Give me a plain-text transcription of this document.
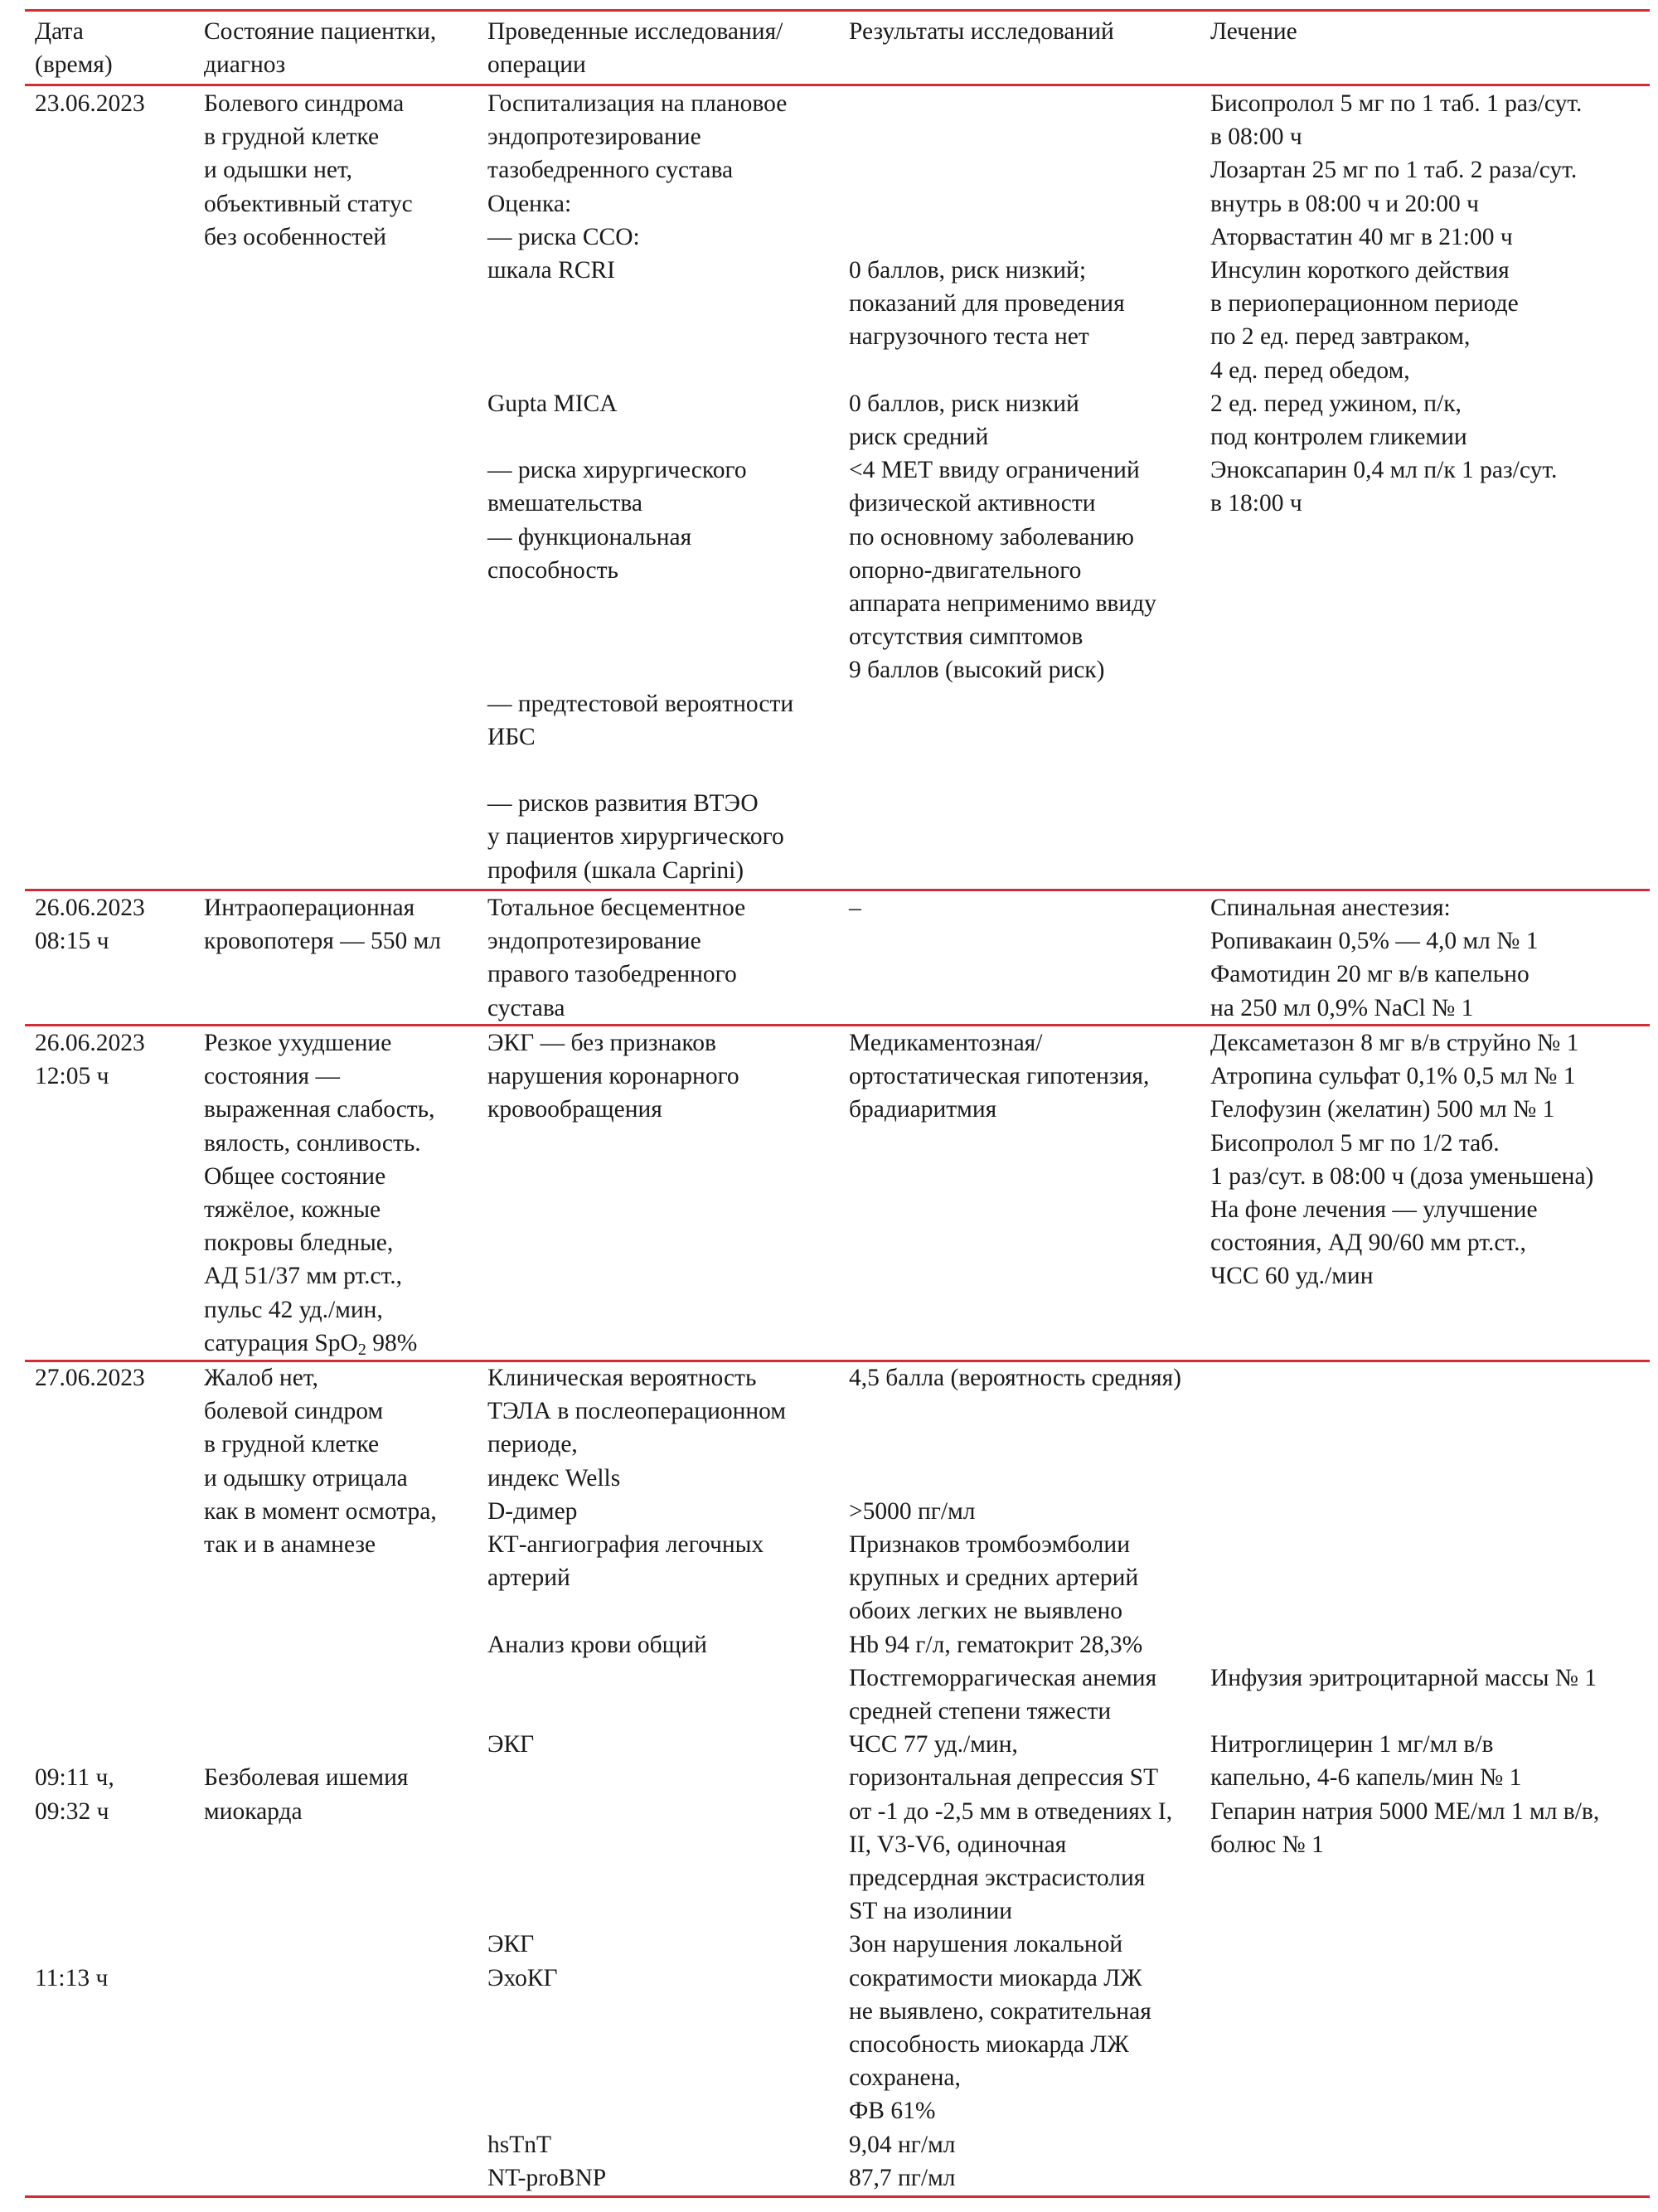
Дата
(время)
Состояние пациентки,
диагноз
Проведенные исследования/
операции
Результаты исследований	Лечение
23.06.2023 Болевого синдрома
в грудной клетке
и одышки нет,
объективный статус
без особенностей
Госпитализация на плановое
эндопротезирование
тазобедренного сустава
Оценка:
— риска ССО:
шкала RCRI
Gupta MICA
— риска хирургического
вмешательства
— функциональная
способность
— предтестовой вероятности
ИБС
— рисков развития ВТЭО
у пациентов хирургического
профиля (шкала Caprini)
0 баллов, риск низкий;
показаний для проведения
нагрузочного теста нет
0 баллов, риск низкий
риск средний
<4 МЕТ ввиду ограничений
физической активности
по основному заболеванию
опорно-двигательного
аппарата неприменимо ввиду
отсутствия симптомов
9 баллов (высокий риск)
Бисопролол 5 мг по 1 таб. 1 раз/сут.
в 08:00 ч
Лозартан 25 мг по 1 таб. 2 раза/сут.
внутрь в 08:00 ч и 20:00 ч
Аторвастатин 40 мг в 21:00 ч
Инсулин короткого действия
в периоперационном периоде
по 2 ед. перед завтраком,
4 ед. перед обедом,
2 ед. перед ужином, п/к,
под контролем гликемии
Эноксапарин 0,4 мл п/к 1 раз/сут.
в 18:00 ч
26.06.2023
08:15 ч
Интраоперационная
кровопотеря — 550 мл
Тотальное бесцементное
эндопротезирование
правого тазобедренного
сустава
–	Спинальная анестезия:
Ропивакаин 0,5% — 4,0 мл № 1
Фамотидин 20 мг в/в капельно
на 250 мл 0,9% NaCl № 1
26.06.2023
12:05 ч
Резкое ухудшение
состояния —
выраженная слабость,
вялость, сонливость.
Общее состояние
тяжёлое, кожные
покровы бледные,
АД 51/37 мм рт.ст.,
пульс 42 уд./мин,
сатурация SpO$_2$ 98%
ЭКГ — без признаков
нарушения коронарного
кровообращения
Медикаментозная/
ортостатическая гипотензия,
брадиаритмия
Дексаметазон 8 мг в/в струйно № 1
Атропина сульфат 0,1% 0,5 мл № 1
Гелофузин (желатин) 500 мл № 1
Бисопролол 5 мг по 1/2 таб.
1 раз/сут. в 08:00 ч (доза уменьшена)
На фоне лечения — улучшение
состояния, АД 90/60 мм рт.ст.,
ЧСС 60 уд./мин
27.06.2023
09:11 ч,
09:32 ч
11:13 ч
Жалоб нет,
болевой синдром
в грудной клетке
и одышку отрицала
как в момент осмотра,
так и в анамнезе
Безболевая ишемия
миокарда
Клиническая вероятность
ТЭЛА в послеоперационном
периоде,
индекс Wells
D-димер
КТ-ангиография легочных
артерий
Анализ крови общий
ЭКГ
ЭКГ
ЭхоКГ
hsTnT
NT-proBNP
4,5 балла (вероятность средняя)
>5000 пг/мл
Признаков тромбоэмболии
крупных и средних артерий
обоих легких не выявлено
Hb 94 г/л, гематокрит 28,3%
Постгеморрагическая анемия
средней степени тяжести
ЧСС 77 уд./мин,
горизонтальная депрессия ST
от -1 до -2,5 мм в отведениях I,
II, V3-V6, одиночная
предсердная экстрасистолия
ST на изолинии
Зон нарушения локальной
сократимости миокарда ЛЖ
не выявлено, сократительная
способность миокарда ЛЖ
сохранена,
ФВ 61%
9,04 нг/мл
87,7 пг/мл
Инфузия эритроцитарной массы № 1
Нитроглицерин 1 мг/мл в/в
капельно, 4-6 капель/мин № 1
Гепарин натрия 5000 МЕ/мл 1 мл в/в,
болюс № 1
